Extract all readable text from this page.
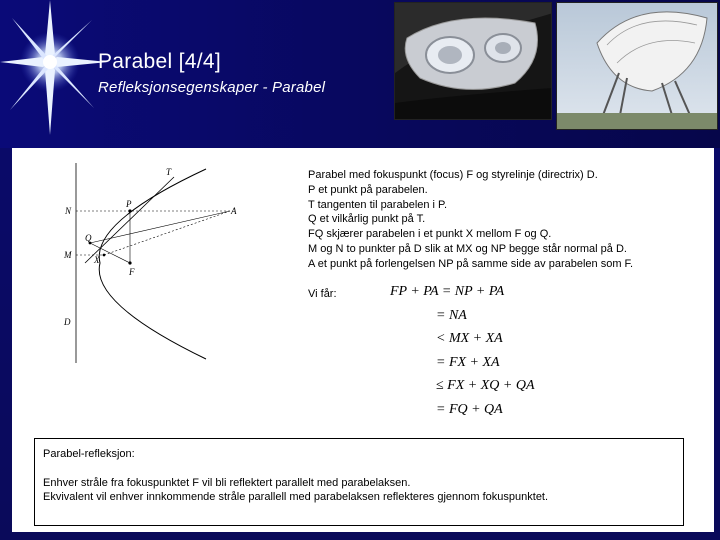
Parabel [4/4]
Refleksjonsegenskaper - Parabel
T
N
P
A
Q
M	X
F
D
Parabel med fokuspunkt (focus) F og styrelinje (directrix) D.
P et punkt på parabelen.
T tangenten til parabelen i P.
Q et vilkårlig punkt på T.
FQ skjærer parabelen i et punkt X mellom F og Q.
M og N to punkter på D slik at MX og NP begge står normal på D.
A et punkt på forlengelsen NP på samme side av parabelen som F.
Vi får:	FP + PA = NP + PA
= NA
< MX + XA
= FX + XA
≤ FX + XQ + QA
= FQ + QA
Parabel-refleksjon:
Enhver stråle fra fokuspunktet F vil bli reflektert parallelt med parabelaksen.
Ekvivalent vil enhver innkommende stråle parallell med parabelaksen reflekteres gjennom fokuspunktet.
